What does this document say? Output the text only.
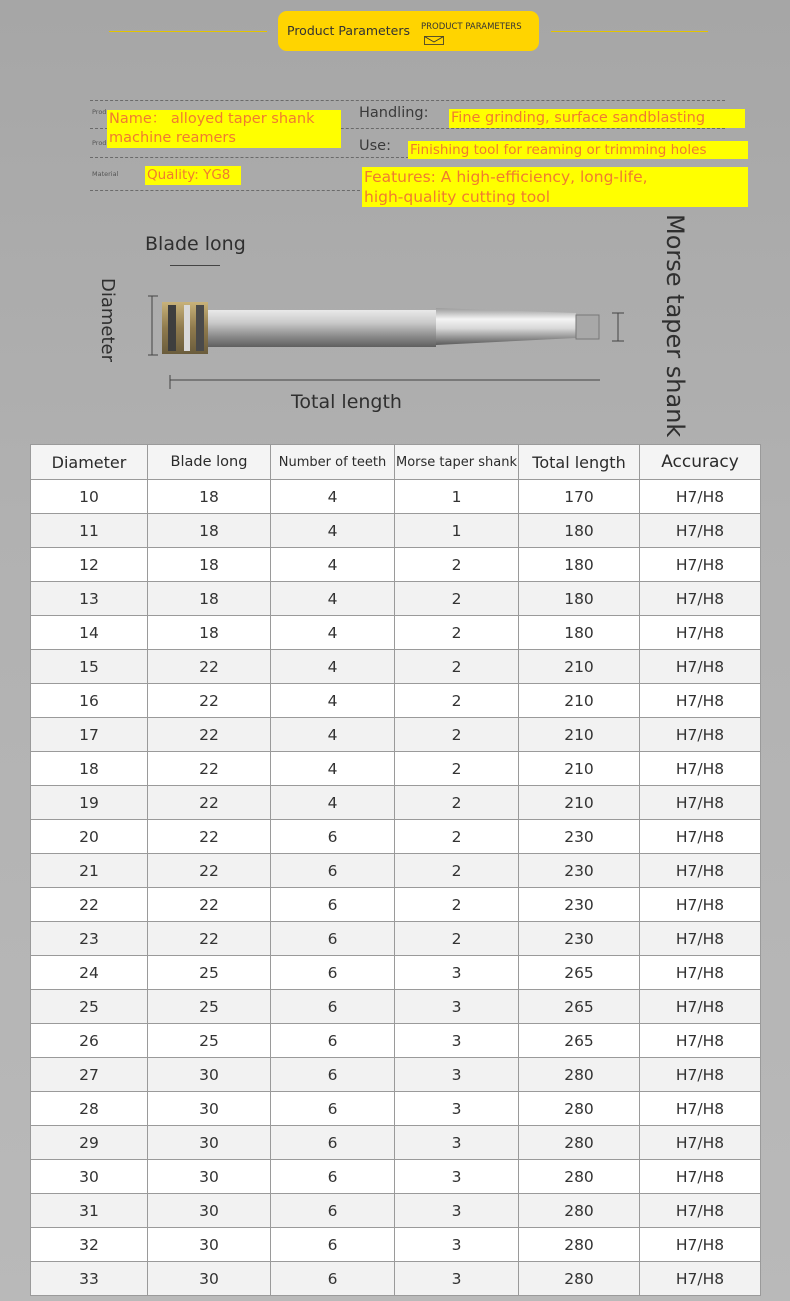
Product Parameters PRODUCT PARAMETERS
Prod
Prod
Material
Name： alloyed taper shank
machine reamers
Quality: YG8
Handling: Fine grinding, surface sandblasting
Use: Finishing tool for reaming or trimming holes
Features: A high-efficiency, long-life,
high-quality cutting tool
Blade long
Diameter	Morse taper shank
Total length
Diameter	Blade long	Number of teeth	Morse taper shank	Total length	Accuracy
10	18	4	1	170	H7/H8
11	18	4	1	180	H7/H8
12	18	4	2	180	H7/H8
13	18	4	2	180	H7/H8
14	18	4	2	180	H7/H8
15	22	4	2	210	H7/H8
16	22	4	2	210	H7/H8
17	22	4	2	210	H7/H8
18	22	4	2	210	H7/H8
19	22	4	2	210	H7/H8
20	22	6	2	230	H7/H8
21	22	6	2	230	H7/H8
22	22	6	2	230	H7/H8
23	22	6	2	230	H7/H8
24	25	6	3	265	H7/H8
25	25	6	3	265	H7/H8
26	25	6	3	265	H7/H8
27	30	6	3	280	H7/H8
28	30	6	3	280	H7/H8
29	30	6	3	280	H7/H8
30	30	6	3	280	H7/H8
31	30	6	3	280	H7/H8
32	30	6	3	280	H7/H8
33	30	6	3	280	H7/H8
